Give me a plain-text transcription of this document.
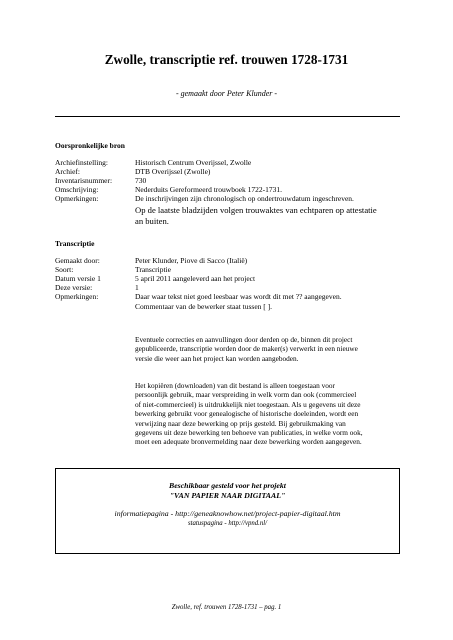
Zwolle, transcriptie ref. trouwen 1728-1731
- gemaakt door Peter Klunder -
Oorspronkelijke bron
Archiefinstelling:	Historisch Centrum Overijssel, Zwolle
Archief:	DTB Overijssel (Zwolle)
Inventarisnummer:	730
Omschrijving:	Nederduits Gereformeerd trouwboek 1722-1731.
Opmerkingen:	De inschrijvingen zijn chronologisch op ondertrouwdatum ingeschreven.
Op de laatste bladzijden volgen trouwaktes van echtparen op attestatie
an buiten.
Transcriptie
Gemaakt door:	Peter Klunder, Piove di Sacco (Italië)
Soort:	Transcriptie
Datum versie 1	5 april 2011 aangeleverd aan het project
Deze versie:	1
Opmerkingen:	Daar waar tekst niet goed leesbaar was wordt dit met ?? aangegeven.
Commentaar van de bewerker staat tussen [ ].
Eventuele correcties en aanvullingen door derden op de, binnen dit project
gepubliceerde, transcriptie worden door de maker(s) verwerkt in een nieuwe
versie die weer aan het project kan worden aangeboden.
Het kopiëren (downloaden) van dit bestand is alleen toegestaan voor
persoonlijk gebruik, maar verspreiding in welk vorm dan ook (commercieel
of niet-commercieel) is uitdrukkelijk niet toegestaan. Als u gegevens uit deze
bewerking gebruikt voor genealogische of historische doeleinden, wordt een
verwijzing naar deze bewerking op prijs gesteld. Bij gebruikmaking van
gegevens uit deze bewerking ten behoeve van publicaties, in welke vorm ook,
moet een adequate bronvermelding naar deze bewerking worden aangegeven.
Beschikbaar gesteld voor het projekt
"VAN PAPIER NAAR DIGITAAL"
informatiepagina - http://geneaknowhow.net/project-papier-digitaal.htm
statuspagina - http://vpnd.nl/
Zwolle, ref. trouwen 1728-1731 – pag. 1
